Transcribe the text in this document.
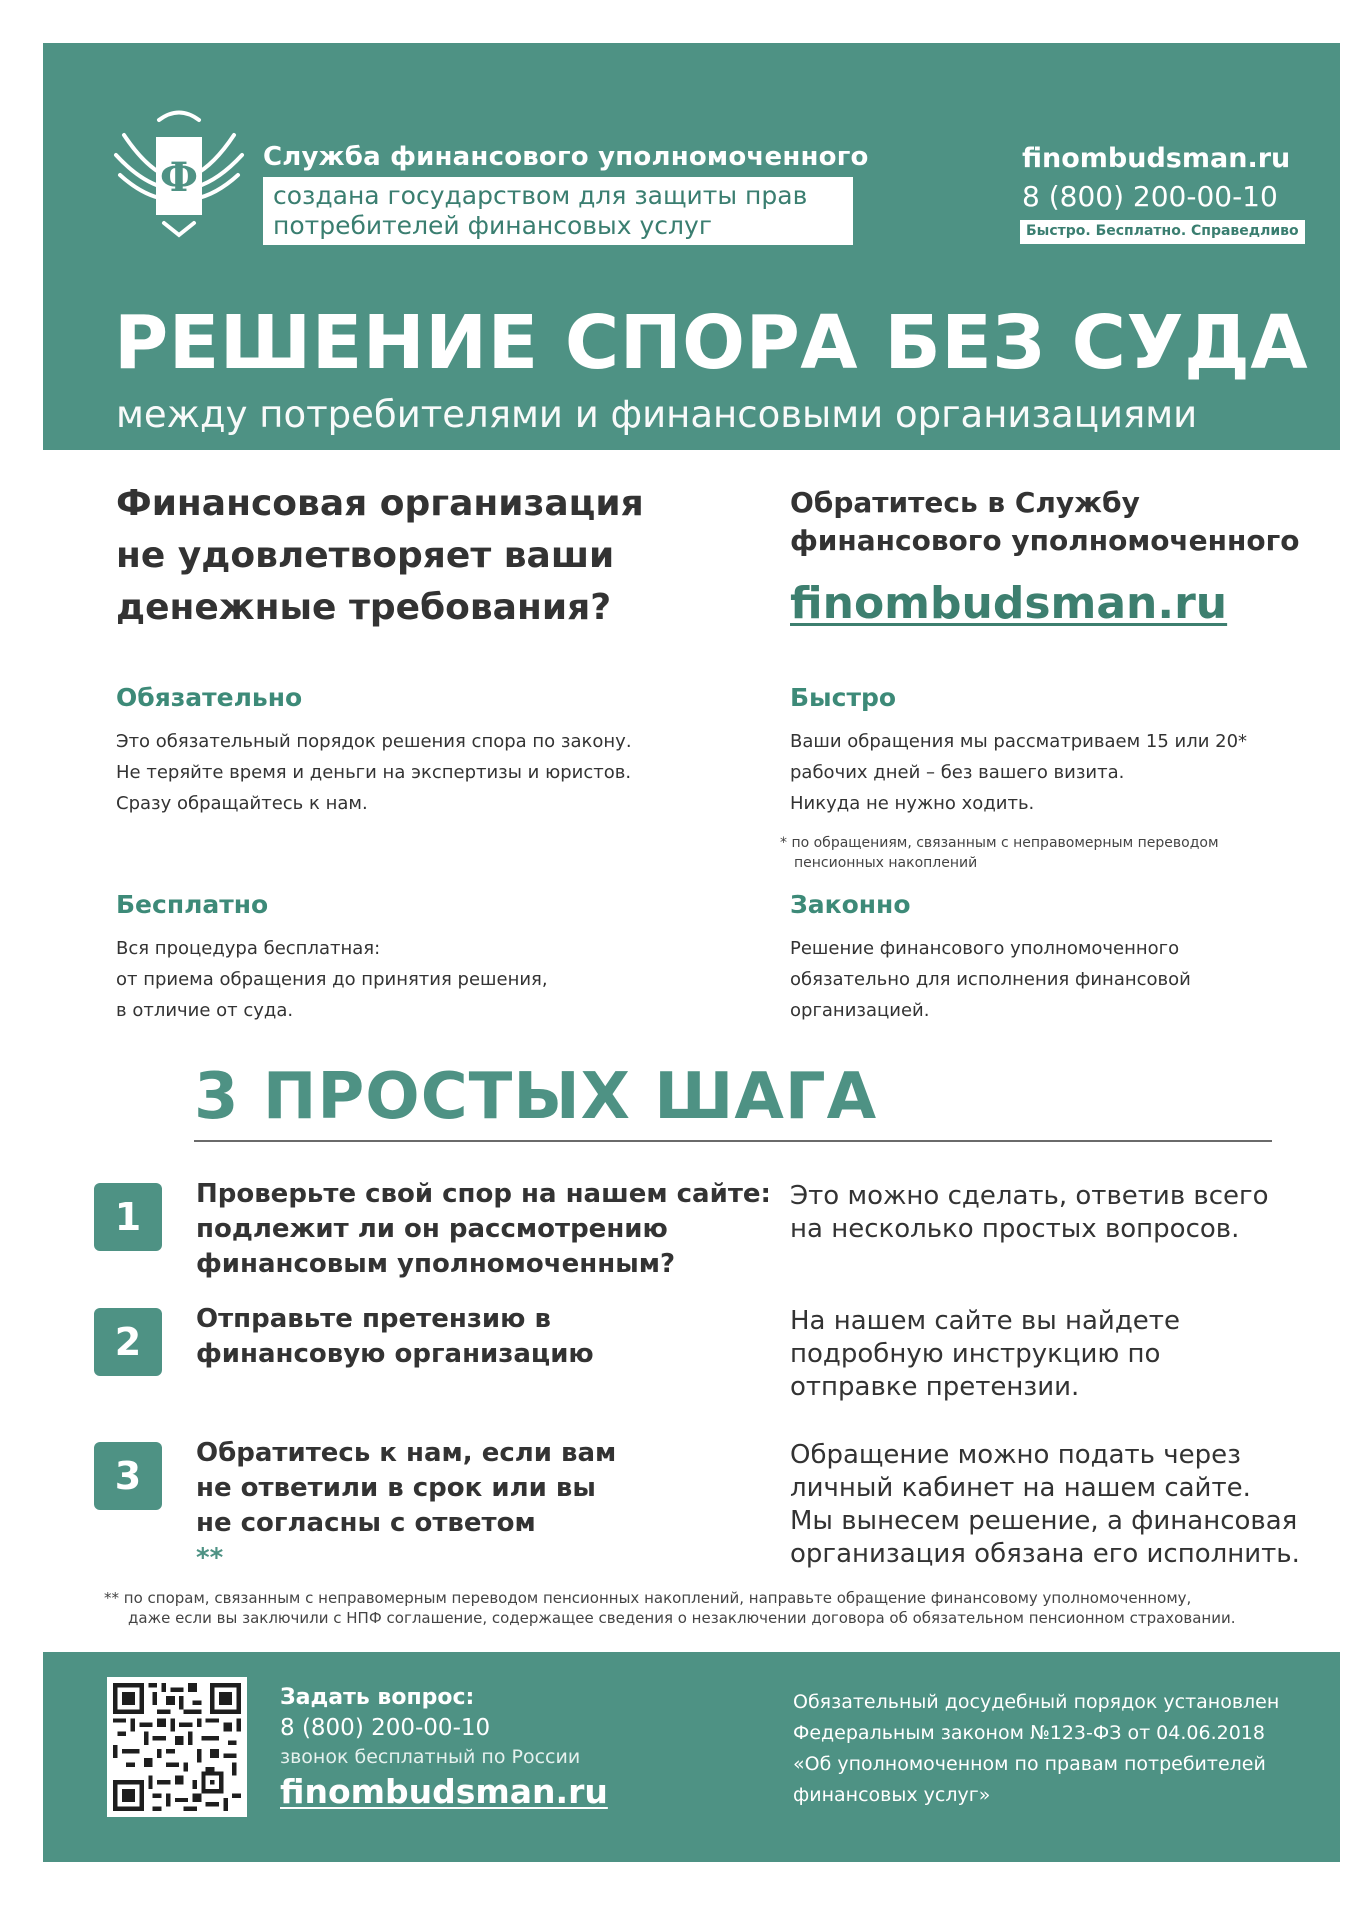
Ф	Служба финансового уполномоченного
создана государством для защиты прав
потребителей финансовых услуг
finombudsman.ru
8 (800) 200-00-10
Быстро. Бесплатно. Справедливо
РЕШЕНИЕ СПОРА БЕЗ СУДА
между потребителями и финансовыми организациями
Финансовая организация
не удовлетворяет ваши
денежные требования?
Обратитесь в Службу
финансового уполномоченного
finombudsman.ru
Обязательно
Это обязательный порядок решения спора по закону.
Не теряйте время и деньги на экспертизы и юристов.
Сразу обращайтесь к нам.
Быстро
Ваши обращения мы рассматриваем 15 или 20*
рабочих дней – без вашего визита.
Никуда не нужно ходить.
* по обращениям, связанным с неправомерным переводом
пенсионных накоплений
Бесплатно
Вся процедура бесплатная:
от приема обращения до принятия решения,
в отличие от суда.
Законно
Решение финансового уполномоченного
обязательно для исполнения финансовой
организацией.
3 ПРОСТЫХ ШАГА
1
Проверьте свой спор на нашем сайте:
подлежит ли он рассмотрению
финансовым уполномоченным?
Это можно сделать, ответив всего
на несколько простых вопросов.
2
Отправьте претензию в
финансовую организацию
На нашем сайте вы найдете
подробную инструкцию по
отправке претензии.
3
Обратитесь к нам, если вам
не ответили в срок или вы
не согласны с ответом
**
Обращение можно подать через
личный кабинет на нашем сайте.
Мы вынесем решение, а финансовая
организация обязана его исполнить.
** по спорам, связанным с неправомерным переводом пенсионных накоплений, направьте обращение финансовому уполномоченному,
даже если вы заключили с НПФ соглашение, содержащее сведения о незаключении договора об обязательном пенсионном страховании.
Задать вопрос:
8 (800) 200-00-10
звонок бесплатный по России
finombudsman.ru
Обязательный досудебный порядок установлен
Федеральным законом №123-ФЗ от 04.06.2018
«Об уполномоченном по правам потребителей
финансовых услуг»
